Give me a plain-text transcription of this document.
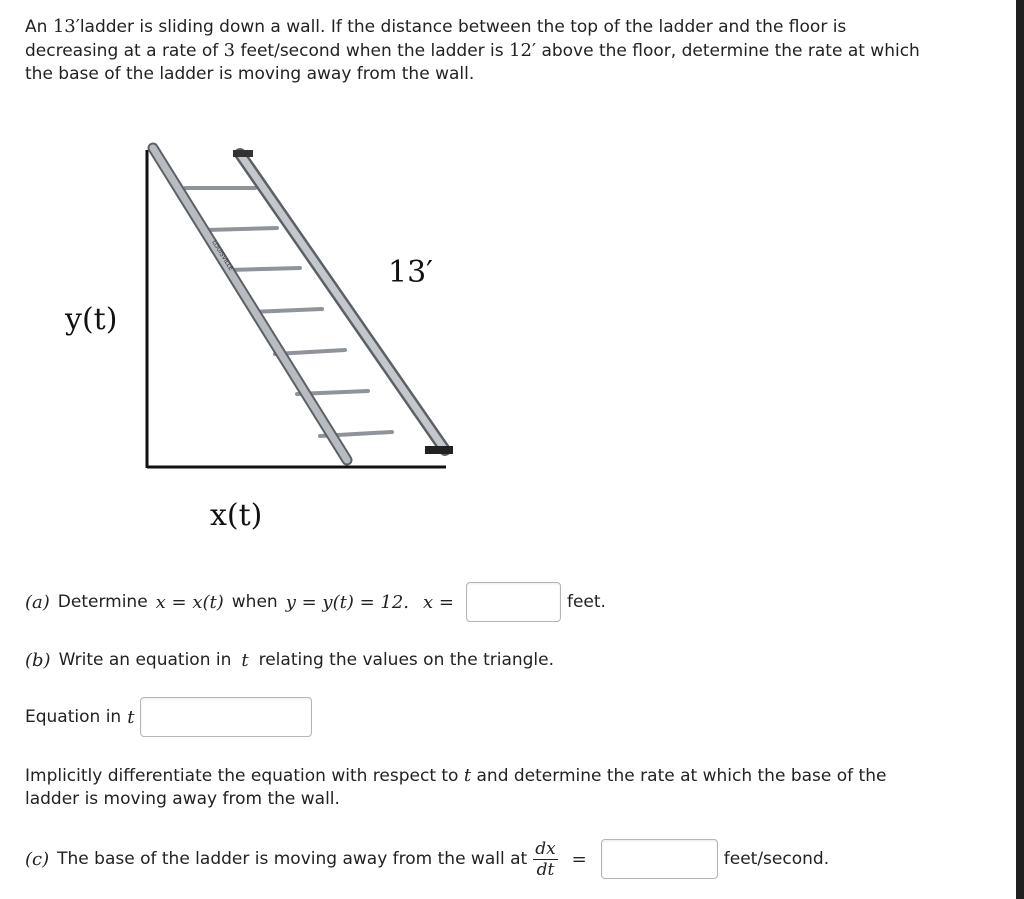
An 13′ladder is sliding down a wall. If the distance between the top of the ladder and the floor is
decreasing at a rate of 3 feet/second when the ladder is 12′ above the floor, determine the rate at which
the base of the ladder is moving away from the wall.
LOUISVILLE
y(t)
x(t)
13′
(a) Determine x = x(t) when y = y(t) = 12. x =	feet.
(b) Write an equation in t relating the values on the triangle.
Equation in t
Implicitly differentiate the equation with respect to t and determine the rate at which the base of the
ladder is moving away from the wall.
(c) The base of the ladder is moving away from the wall at $\frac{dx}{dt}$ =	feet/second.
